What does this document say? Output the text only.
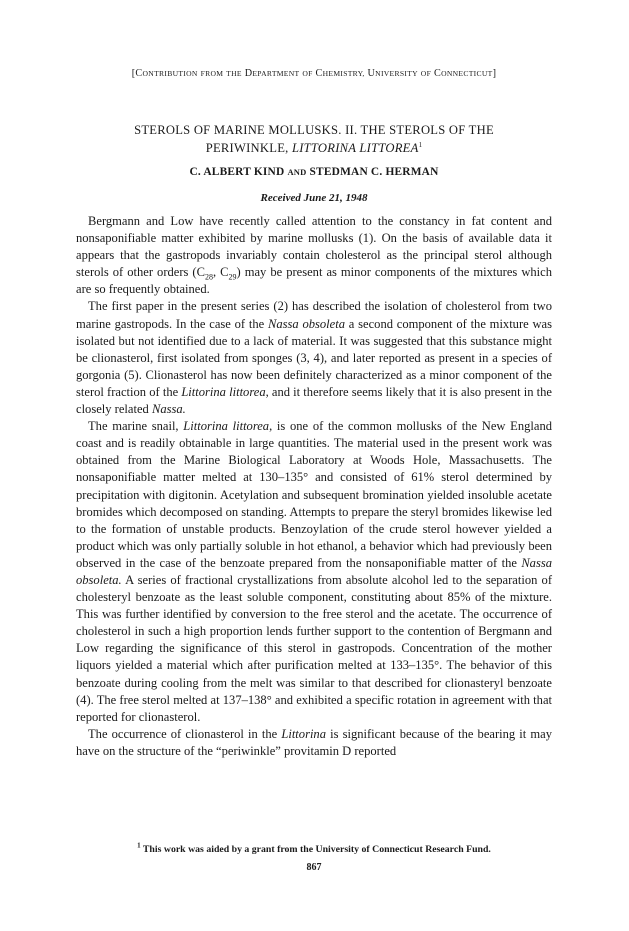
[CONTRIBUTION FROM THE DEPARTMENT OF CHEMISTRY, UNIVERSITY OF CONNECTICUT]
STEROLS OF MARINE MOLLUSKS. II. THE STEROLS OF THE
PERIWINKLE, LITTORINA LITTOREA$^1$
C. ALBERT KIND AND STEDMAN C. HERMAN
Received June 21, 1948

Bergmann and Low have recently called attention to the constancy in fat content and nonsaponifiable matter exhibited by marine mollusks (1). On the basis of available data it appears that the gastropods invariably contain cholesterol as the principal sterol although sterols of other orders ($C_{28}$, $C_{29}$) may be present as minor components of the mixtures which are so frequently obtained.

The first paper in the present series (2) has described the isolation of cholesterol from two marine gastropods. In the case of the Nassa obsoleta a second component of the mixture was isolated but not identified due to a lack of material. It was suggested that this substance might be clionasterol, first isolated from sponges (3, 4), and later reported as present in a species of gorgonia (5). Clionasterol has now been definitely characterized as a minor component of the sterol fraction of the Littorina littorea, and it therefore seems likely that it is also present in the closely related Nassa.

The marine snail, Littorina littorea, is one of the common mollusks of the New England coast and is readily obtainable in large quantities. The material used in the present work was obtained from the Marine Biological Laboratory at Woods Hole, Massachusetts. The nonsaponifiable matter melted at 130–135° and consisted of 61% sterol determined by precipitation with digitonin. Acetylation and subsequent bromination yielded insoluble acetate bromides which decomposed on standing. Attempts to prepare the steryl bromides likewise led to the formation of unstable products. Benzoylation of the crude sterol however yielded a product which was only partially soluble in hot ethanol, a behavior which had previously been observed in the case of the benzoate prepared from the nonsaponifiable matter of the Nassa obsoleta. A series of fractional crystallizations from absolute alcohol led to the separation of cholesteryl benzoate as the least soluble component, constituting about 85% of the mixture. This was further identified by conversion to the free sterol and the acetate. The occurrence of cholesterol in such a high proportion lends further support to the contention of Bergmann and Low regarding the significance of this sterol in gastropods. Concentration of the mother liquors yielded a material which after purification melted at 133–135°. The behavior of this benzoate during cooling from the melt was similar to that described for clionasteryl benzoate (4). The free sterol melted at 137–138° and exhibited a specific rotation in agreement with that reported for clionasterol.

The occurrence of clionasterol in the Littorina is significant because of the bearing it may have on the structure of the “periwinkle” provitamin D reported

$^1$ This work was aided by a grant from the University of Connecticut Research Fund.
867
